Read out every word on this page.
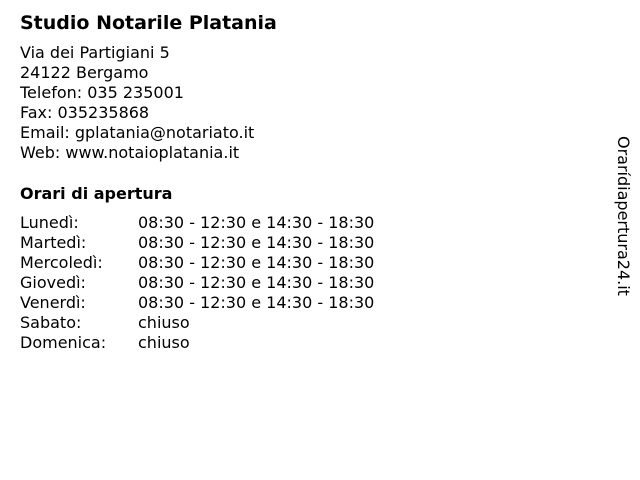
Studio Notarile Platania
Via dei Partigiani 5
24122 Bergamo
Telefon: 035 235001
Fax: 035235868
Email: gplatania@notariato.it
Web: www.notaioplatania.it
Orari di apertura
Lunedì:	08:30 - 12:30 e 14:30 - 18:30
Martedì:	08:30 - 12:30 e 14:30 - 18:30
Mercoledì:	08:30 - 12:30 e 14:30 - 18:30
Giovedì:	08:30 - 12:30 e 14:30 - 18:30
Venerdì:	08:30 - 12:30 e 14:30 - 18:30
Sabato:	chiuso
Domenica:	chiuso
Orarídiapertura24.it
